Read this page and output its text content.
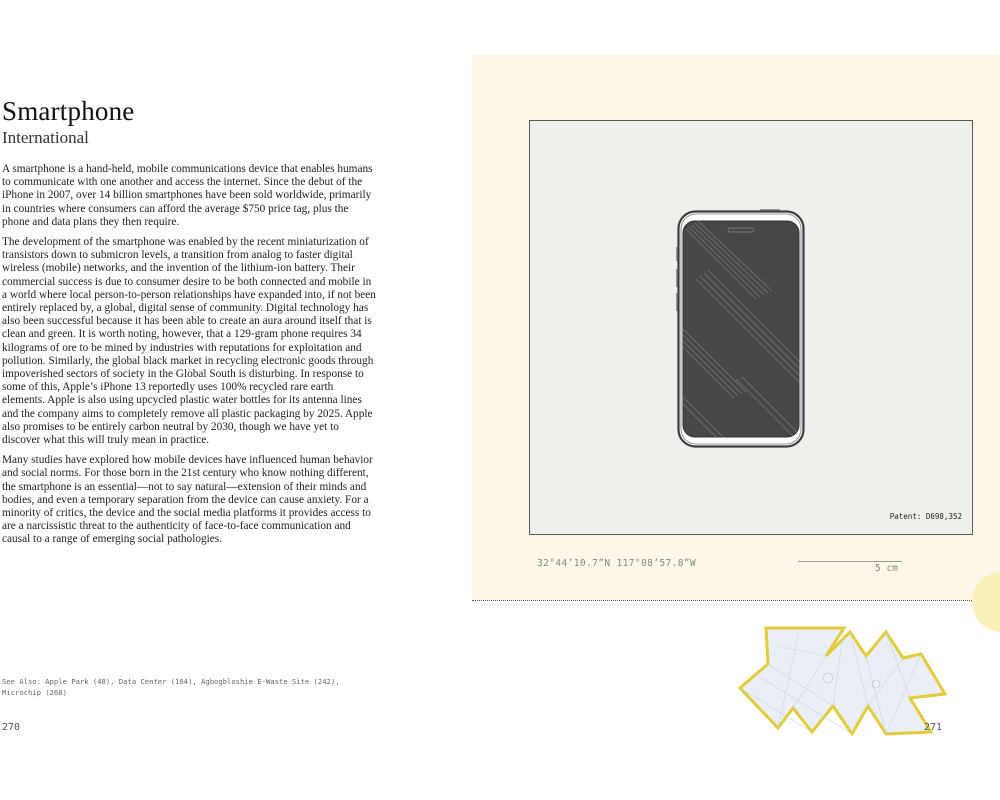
Smartphone
International

A smartphone is a hand-held, mobile communications device that enables humans to communicate with one another and access the internet. Since the debut of the iPhone in 2007, over 14 billion smartphones have been sold worldwide, primarily in countries where consumers can afford the average $750 price tag, plus the phone and data plans they then require.

The development of the smartphone was enabled by the recent miniaturization of transistors down to submicron levels, a transition from analog to faster digital wireless (mobile) networks, and the invention of the lithium-ion battery. Their commercial success is due to consumer desire to be both connected and mobile in a world where local person-to-person relationships have expanded into, if not been entirely replaced by, a global, digital sense of community. Digital technology has also been successful because it has been able to create an aura around itself that is clean and green. It is worth noting, however, that a 129-gram phone requires 34 kilograms of ore to be mined by industries with reputations for exploitation and pollution. Similarly, the global black market in recycling electronic goods through impoverished sectors of society in the Global South is disturbing. In response to some of this, Apple’s iPhone 13 reportedly uses 100% recycled rare earth elements. Apple is also using upcycled plastic water bottles for its antenna lines and the company aims to completely remove all plastic packaging by 2025. Apple also promises to be entirely carbon neutral by 2030, though we have yet to discover what this will truly mean in practice.

Many studies have explored how mobile devices have influenced human behavior and social norms. For those born in the 21st century who know nothing different, the smartphone is an essential—not to say natural—extension of their minds and bodies, and even a temporary separation from the device can cause anxiety. For a minority of critics, the device and the social media platforms it provides access to are a narcissistic threat to the authenticity of face-to-face communication and causal to a range of emerging social pathologies.

See Also: Apple Park (48), Data Center (164), Agbogbloshie E-Waste Site (242), Microchip (268)
270
Patent: D698,352
32°44’10.7”N 117°08’57.8”W	5 cm
271
